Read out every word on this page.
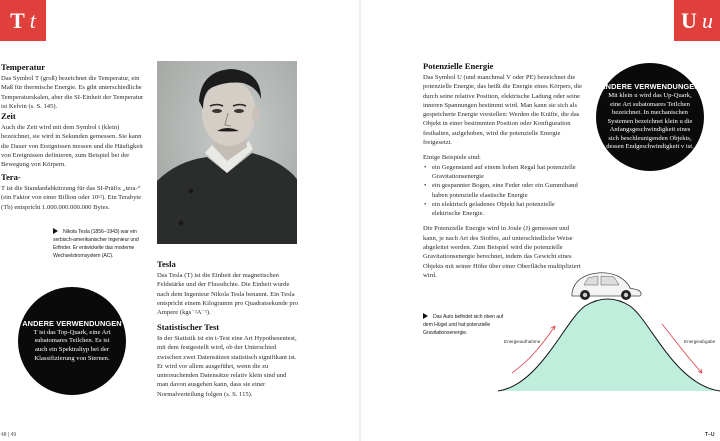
T t
Temperatur
Das Symbol T (groß) bezeichnet die Temperatur, ein Maß für thermische Energie. Es gibt unterschiedliche Temperaturskalen, aber die SI-Einheit der Temperatur ist Kelvin (s. S. 145).
Zeit
Auch die Zeit wird mit dem Symbol t (klein) bezeichnet, sie wird in Sekunden gemessen. Sie kann die Dauer von Ereignissen messen und die Häufigkeit von Ereignissen definieren, zum Beispiel bei der Bewegung von Körpern.
Tera-
T ist die Standardabkürzung für das SI-Präfix „tera-“ (ein Faktor von einer Billion oder 10¹²). Ein Terabyte (Tb) entspricht 1.000.000.000.000 Bytes.
Nikola Tesla (1856–1943) war ein serbisch-amerikanischer Ingenieur und Erfinder. Er entwickelte das moderne Wechselstromsystem (AC).
Tesla
Das Tesla (T) ist die Einheit der magnetischen Feldstärke und der Flussdichte. Die Einheit wurde nach dem Ingenieur Nikola Tesla benannt. Ein Tesla entspricht einem Kilogramm pro Quadratsekunde pro Ampere (kgs⁻²A⁻¹).
Statistischer Test
In der Statistik ist ein t-Test eine Art Hypothesentest, mit dem festgestellt wird, ob der Unterschied zwischen zwei Datensätzen statistisch signifikant ist. Er wird vor allem ausgeführt, wenn die zu untersuchenden Datensätze relativ klein sind und man davon ausgehen kann, dass sie einer Normalverteilung folgen (s. S. 115).
ANDERE VERWENDUNGEN
T ist das Top-Quark, eine Art subatomares Teilchen. Es ist auch ein Spektraltyp bei der Klassifizierung von Sternen.
48 | 49
U u
Potenzielle Energie
Das Symbol U (und manchmal V oder PE) bezeichnet die potenzielle Energie, das heißt die Energie eines Körpers, die durch seine relative Position, elektrische Ladung oder seine inneren Spannungen bestimmt wird. Man kann sie sich als gespeicherte Energie vorstellen: Werden die Kräfte, die das Objekt in einer bestimmten Position oder Konfiguration festhalten, aufgehoben, wird die potenzielle Energie freigesetzt.
Einige Beispiele sind:
• ein Gegenstand auf einem hohen Regal hat potenzielle Gravitationsenergie
• ein gespannter Bogen, eine Feder oder ein Gummiband haben potenzielle elastische Energie
• ein elektrisch geladenes Objekt hat potenzielle elektrische Energie.
Die Potenzielle Energie wird in Joule (J) gemessen und kann, je nach Art des Stoffes, auf unterschiedliche Weise abgeleitet werden. Zum Beispiel wird die potenzielle Gravitationsenergie berechnet, indem das Gewicht eines Objekts mit seiner Höhe über einer Oberfläche multipliziert wird.
Das Auto befindet sich oben auf dem Hügel und hat potenzielle Gravitationsenergie.
Energieaufnahme	Energieabgabe
ANDERE VERWENDUNGEN
Mit klein u wird das Up-Quark, eine Art subatomares Teilchen bezeichnet. In mechanischen Systemen bezeichnet klein u die Anfangsgeschwindigkeit eines sich beschleunigenden Objekts, dessen Endgeschwindigkeit v ist.
T–U
